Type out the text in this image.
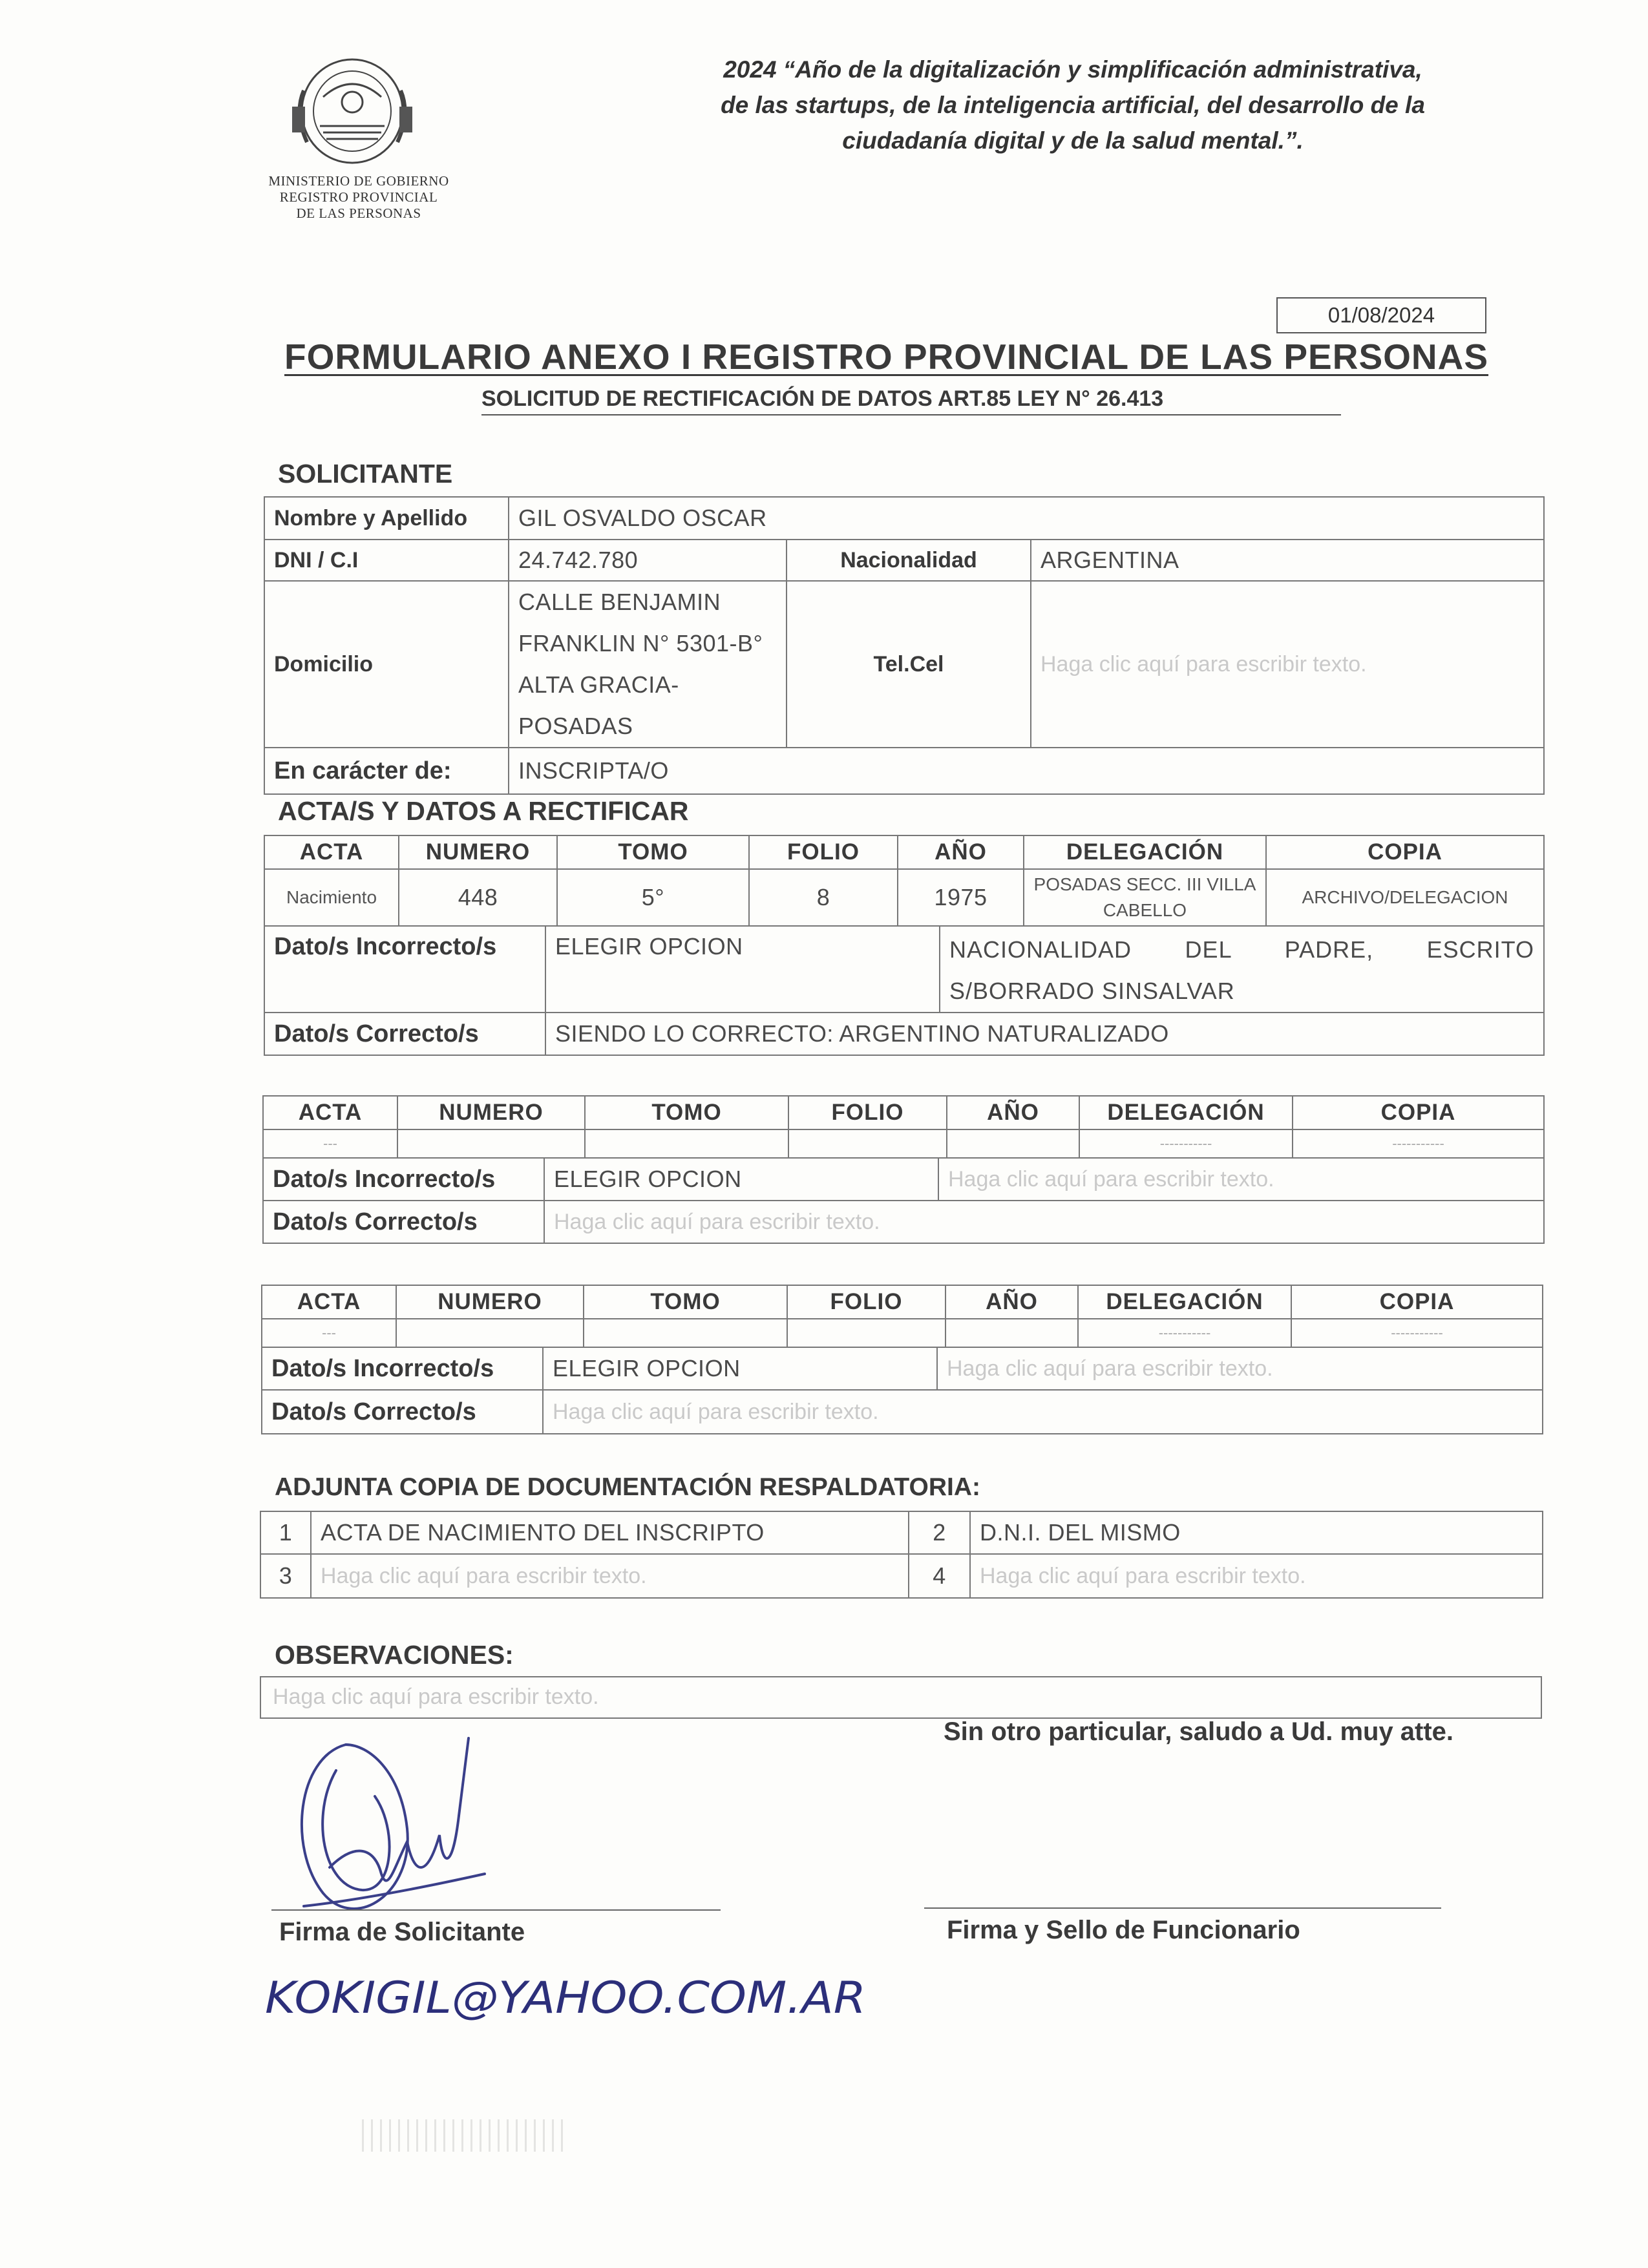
MINISTERIO DE GOBIERNO
REGISTRO PROVINCIAL
DE LAS PERSONAS
2024 “Año de la digitalización y simplificación administrativa,
de las startups, de la inteligencia artificial, del desarrollo de la
ciudadanía digital y de la salud mental.”.
01/08/2024
FORMULARIO ANEXO I REGISTRO PROVINCIAL DE LAS PERSONAS
SOLICITUD DE RECTIFICACIÓN DE DATOS ART.85 LEY N° 26.413
SOLICITANTE
Nombre y Apellido	GIL OSVALDO OSCAR		
DNI / C.I	24.742.780	Nacionalidad	ARGENTINA
Domicilio	CALLE BENJAMIN FRANKLIN N° 5301-B° ALTA GRACIA-POSADAS	Tel.Cel	Haga clic aquí para escribir texto.
En carácter de:	INSCRIPTA/O		
ACTA/S Y DATOS A RECTIFICAR
ACTA	NUMERO	TOMO	FOLIO	AÑO	DELEGACIÓN	COPIA
Nacimiento	448	5°	8	1975	POSADAS SECC. III VILLA CABELLO	ARCHIVO/DELEGACION
Dato/s Incorrecto/s	ELEGIR OPCION	NACIONALIDAD DEL PADRE, ESCRITO S/BORRADO SINSALVAR
Dato/s Correcto/s	SIENDO LO CORRECTO: ARGENTINO NATURALIZADO	
ACTA	NUMERO	TOMO	FOLIO	AÑO	DELEGACIÓN	COPIA
---					-----------	-----------
Dato/s Incorrecto/s	ELEGIR OPCION	Haga clic aquí para escribir texto.
Dato/s Correcto/s	Haga clic aquí para escribir texto.	
ACTA	NUMERO	TOMO	FOLIO	AÑO	DELEGACIÓN	COPIA
---					-----------	-----------
Dato/s Incorrecto/s	ELEGIR OPCION	Haga clic aquí para escribir texto.
Dato/s Correcto/s	Haga clic aquí para escribir texto.	
ADJUNTA COPIA DE DOCUMENTACIÓN RESPALDATORIA:
1	ACTA DE NACIMIENTO DEL INSCRIPTO	2	D.N.I. DEL MISMO
3	Haga clic aquí para escribir texto.	4	Haga clic aquí para escribir texto.
OBSERVACIONES:
Haga clic aquí para escribir texto.
Sin otro particular, saludo a Ud. muy atte.
Firma de Solicitante	Firma y Sello de Funcionario
KOKIGIL@YAHOO.COM.AR
